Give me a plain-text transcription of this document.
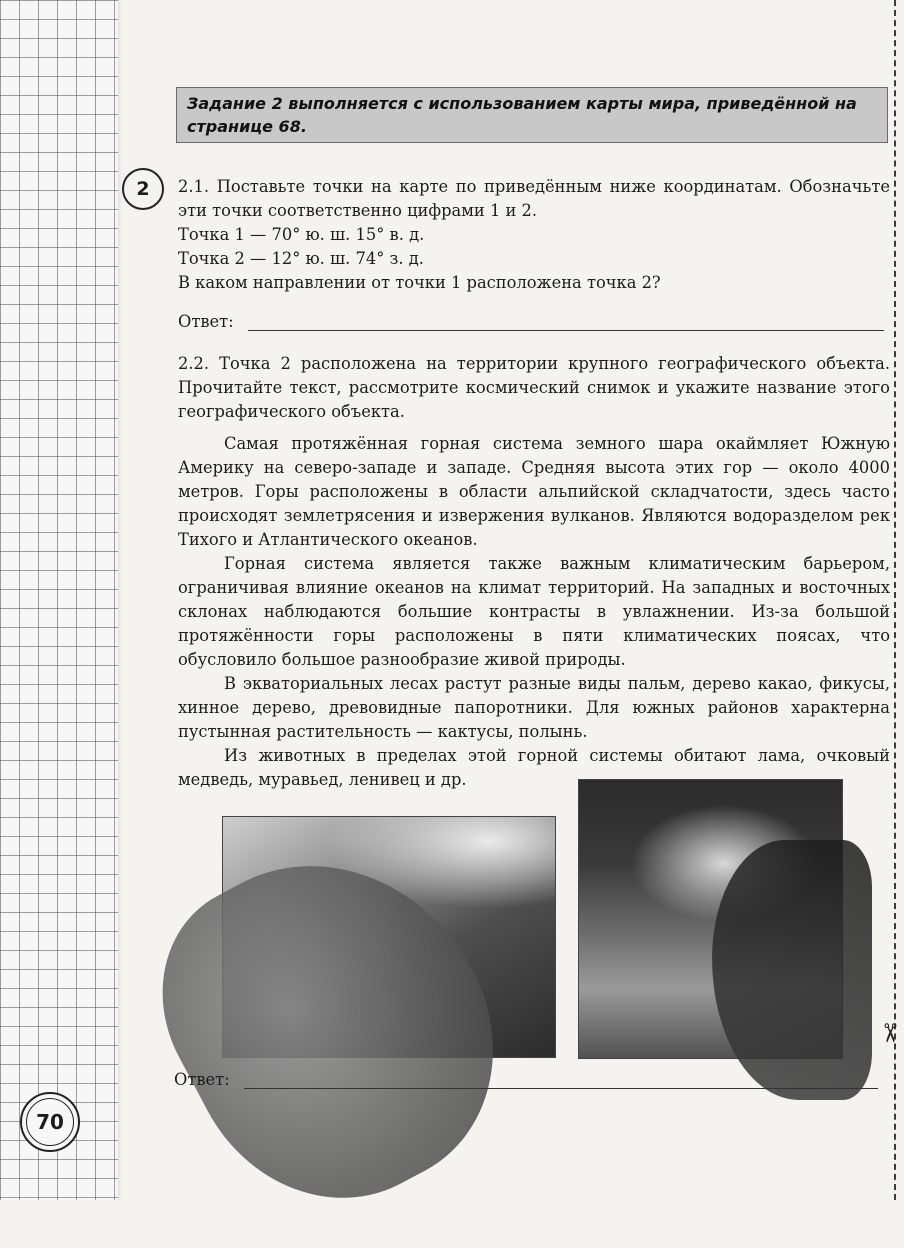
✂
Задание 2 выполняется с использованием карты мира, приведённой на странице 68.
2 2.1. Поставьте точки на карте по приведённым ниже координатам. Обозначьте эти точки соответственно цифрами 1 и 2.

Точка 1 — 70° ю. ш. 15° в. д.

Точка 2 — 12° ю. ш. 74° з. д.

В каком направлении от точки 1 расположена точка 2?

Ответ:

2.2. Точка 2 расположена на территории крупного географического объекта. Прочитайте текст, рассмотрите космический снимок и укажите название этого географического объекта.

Самая протяжённая горная система земного шара окаймляет Южную Америку на северо-западе и западе. Средняя высота этих гор — около 4000 метров. Горы расположены в области альпийской складчатости, здесь часто происходят землетрясения и извержения вулканов. Являются водоразделом рек Тихого и Атлантического океанов.

Горная система является также важным климатическим барьером, ограничивая влияние океанов на климат территорий. На западных и восточных склонах наблюдаются большие контрасты в увлажнении. Из-за большой протяжённости горы расположены в пяти климатических поясах, что обусловило большое разнообразие живой природы.

В экваториальных лесах растут разные виды пальм, дерево какао, фикусы, хинное дерево, древовидные папоротники. Для южных районов характерна пустынная растительность — кактусы, полынь.

Из животных в пределах этой горной системы обитают лама, очковый медведь, муравьед, ленивец и др.

Ответ:
70
